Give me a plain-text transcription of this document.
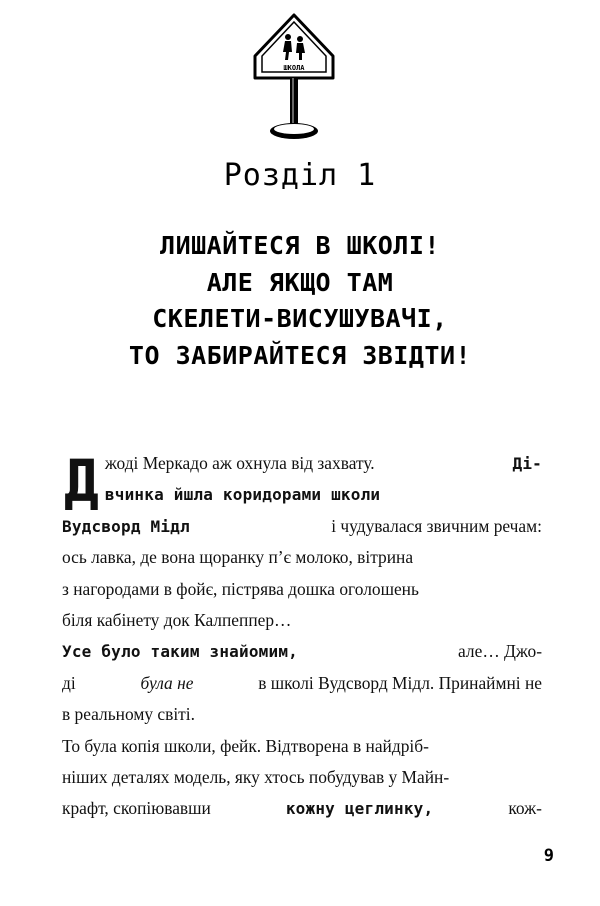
ШКОЛА
Розділ 1
ЛИШАЙТЕСЯ В ШКОЛІ!
АЛЕ ЯКЩО ТАМ
СКЕЛЕТИ-ВИСУШУВАЧІ,
ТО ЗАБИРАЙТЕСЯ ЗВІДТИ!
Д жоді Меркадо аж охнула від захвату.	Ді-
вчинка йшла коридорами школи
Вудсворд Мідл	і чудувалася звичним речам:
ось лавка, де вона щоранку п’є молоко, вітрина
з нагородами в фойє, пістрява дошка оголошень
біля кабінету док Калпеппер…
Усе було таким знайомим,	але… Джо-
ді	була не	в школі Вудсворд Мідл. Принаймні не
в реальному світі.
То була копія школи, фейк. Відтворена в найдріб-
ніших деталях модель, яку хтось побудував у Майн-
крафт, скопіювавши	кожну цеглинку,	кож-
9
